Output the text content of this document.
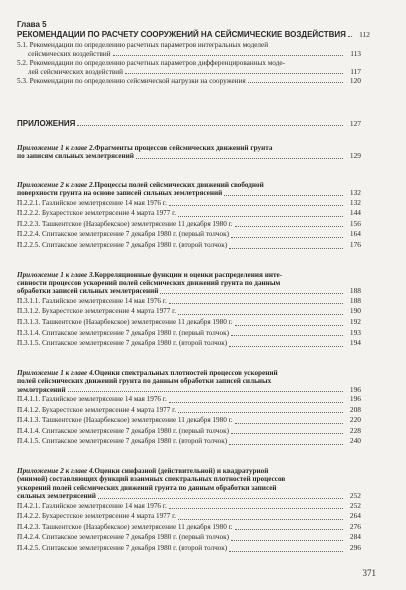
Глава 5
РЕКОМЕНДАЦИИ ПО РАСЧЕТУ СООРУЖЕНИЙ НА СЕЙСМИЧЕСКИЕ ВОЗДЕЙСТВИЯ	112
5.1. Рекомендации по определению расчетных параметров интегральных моделей
сейсмических воздействий	113
5.2. Рекомендации по определению расчетных параметров дифференцированных моде-
лей сейсмических воздействий	117
5.3. Рекомендации по определению сейсмической нагрузки на сооружения	120
ПРИЛОЖЕНИЯ	127
Приложение 1 к главе 2. Фрагменты процессов сейсмических движений грунта
по записям сильных землетрясений	129
Приложение 2 к главе 2. Процессы полей сейсмических движений свободной
поверхности грунта на основе записей сильных землетрясений	132
П.2.2.1. Газлийское землетрясение 14 мая 1976 г.	132
П.2.2.2. Бухарестское землетрясение 4 марта 1977 г.	144
П.2.2.3. Ташкентское (Назарбекское) землетрясение 11 декабря 1980 г.	156
П.2.2.4. Спитакское землетрясение 7 декабря 1980 г. (первый толчок)	164
П.2.2.5. Спитакское землетрясение 7 декабря 1980 г. (второй толчок)	176
Приложение 1 к главе 3. Корреляционные функции и оценки распределения инте-
сивности процессов ускорений полей сейсмических движений грунта по данным
обработки записей сильных землетрясений	188
П.3.1.1. Газлийское землетрясение 14 мая 1976 г.	188
П.3.1.2. Бухарестское землетрясение 4 марта 1977 г.	190
П.3.1.3. Ташкентское (Назарбекское) землетрясение 11 декабря 1980 г.	192
П.3.1.4. Спитакское землетрясение 7 декабря 1980 г. (первый толчок)	193
П.3.1.5. Спитакское землетрясение 7 декабря 1980 г. (второй толчок)	194
Приложение 1 к главе 4. Оценки спектральных плотностей процессов ускорений
полей сейсмических движений грунта по данным обработки записей сильных
землетрясений	196
П.4.1.1. Газлийское землетрясение 14 мая 1976 г.	196
П.4.1.2. Бухарестское землетрясение 4 марта 1977 г.	208
П.4.1.3. Ташкентское (Назарбекское) землетрясение 11 декабря 1980 г.	220
П.4.1.4. Спитакское землетрясение 7 декабря 1980 г. (первый толчок)	228
П.4.1.5. Спитакское землетрясение 7 декабря 1980 г. (второй толчок)	240
Приложение 2 к главе 4. Оценки синфазной (действительной) и квадратурной
(мнимой) составляющих функций взаимных спектральных плотностей процессов
ускорений полей сейсмических движений грунта по данным обработки записей
сильных землетрясений	252
П.4.2.1. Газлийское землетрясение 14 мая 1976 г.	252
П.4.2.2. Бухарестское землетрясение 4 марта 1977 г.	264
П.4.2.3. Ташкентское (Назарбекское) землетрясение 11 декабря 1980 г.	276
П.4.2.4. Спитакское землетрясение 7 декабря 1980 г. (первый толчок)	284
П.4.2.5. Спитакское землетрясение 7 декабря 1980 г. (второй толчок)	296
371
